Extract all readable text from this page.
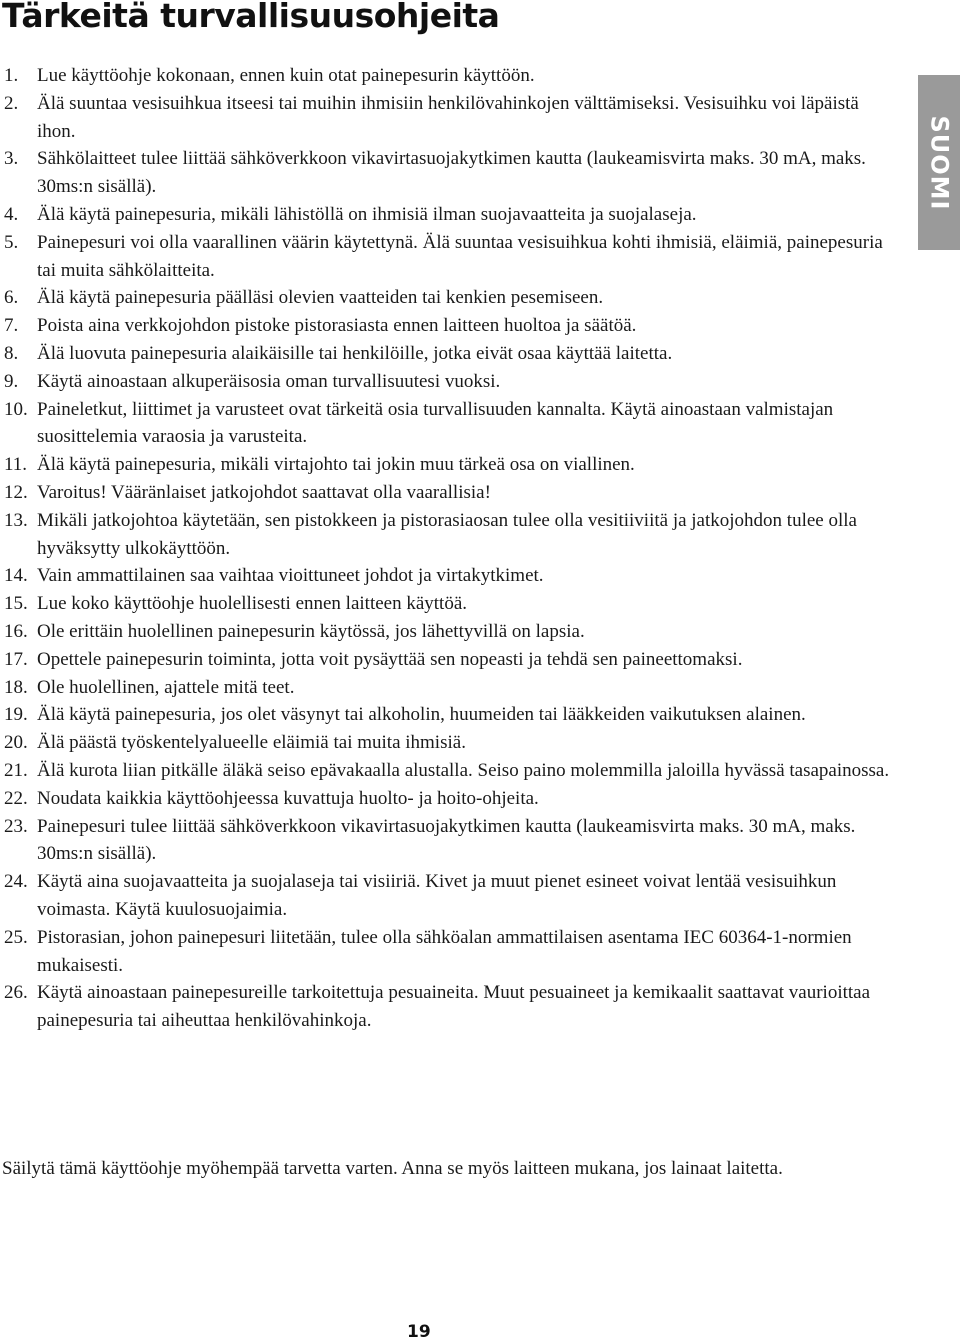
Tärkeitä turvallisuusohjeita
SUOMI
1. Lue käyttöohje kokonaan, ennen kuin otat painepesurin käyttöön.
2. Älä suuntaa vesisuihkua itseesi tai muihin ihmisiin henkilövahinkojen välttämiseksi. Vesisuihku voi läpäistä ihon.
3. Sähkölaitteet tulee liittää sähköverkkoon vikavirtasuojakytkimen kautta (laukeamisvirta maks. 30 mA, maks. 30ms:n sisällä).
4. Älä käytä painepesuria, mikäli lähistöllä on ihmisiä ilman suojavaatteita ja suojalaseja.
5. Painepesuri voi olla vaarallinen väärin käytettynä. Älä suuntaa vesisuihkua kohti ihmisiä, eläimiä, painepesuria tai muita sähkölaitteita.
6. Älä käytä painepesuria päälläsi olevien vaatteiden tai kenkien pesemiseen.
7. Poista aina verkkojohdon pistoke pistorasiasta ennen laitteen huoltoa ja säätöä.
8. Älä luovuta painepesuria alaikäisille tai henkilöille, jotka eivät osaa käyttää laitetta.
9. Käytä ainoastaan alkuperäisosia oman turvallisuutesi vuoksi.
10. Paineletkut, liittimet ja varusteet ovat tärkeitä osia turvallisuuden kannalta. Käytä ainoastaan valmistajan suosittelemia varaosia ja varusteita.
11. Älä käytä painepesuria, mikäli virtajohto tai jokin muu tärkeä osa on viallinen.
12. Varoitus! Vääränlaiset jatkojohdot saattavat olla vaarallisia!
13. Mikäli jatkojohtoa käytetään, sen pistokkeen ja pistorasiaosan tulee olla vesitiiviitä ja jatkojohdon tulee olla hyväksytty ulkokäyttöön.
14. Vain ammattilainen saa vaihtaa vioittuneet johdot ja virtakytkimet.
15. Lue koko käyttöohje huolellisesti ennen laitteen käyttöä.
16. Ole erittäin huolellinen painepesurin käytössä, jos lähettyvillä on lapsia.
17. Opettele painepesurin toiminta, jotta voit pysäyttää sen nopeasti ja tehdä sen paineettomaksi.
18. Ole huolellinen, ajattele mitä teet.
19. Älä käytä painepesuria, jos olet väsynyt tai alkoholin, huumeiden tai lääkkeiden vaikutuksen alainen.
20. Älä päästä työskentelyalueelle eläimiä tai muita ihmisiä.
21. Älä kurota liian pitkälle äläkä seiso epävakaalla alustalla. Seiso paino molemmilla jaloilla hyvässä tasapainossa.
22. Noudata kaikkia käyttöohjeessa kuvattuja huolto- ja hoito-ohjeita.
23. Painepesuri tulee liittää sähköverkkoon vikavirtasuojakytkimen kautta (laukeamisvirta maks. 30 mA, maks. 30ms:n sisällä).
24. Käytä aina suojavaatteita ja suojalaseja tai visiiriä. Kivet ja muut pienet esineet voivat lentää vesisuihkun voimasta. Käytä kuulosuojaimia.
25. Pistorasian, johon painepesuri liitetään, tulee olla sähköalan ammattilaisen asentama IEC 60364-1-normien mukaisesti.
26. Käytä ainoastaan painepesureille tarkoitettuja pesuaineita. Muut pesuaineet ja kemikaalit saattavat vaurioittaa painepesuria tai aiheuttaa henkilövahinkoja.

Säilytä tämä käyttöohje myöhempää tarvetta varten. Anna se myös laitteen mukana, jos lainaat laitetta.

19
